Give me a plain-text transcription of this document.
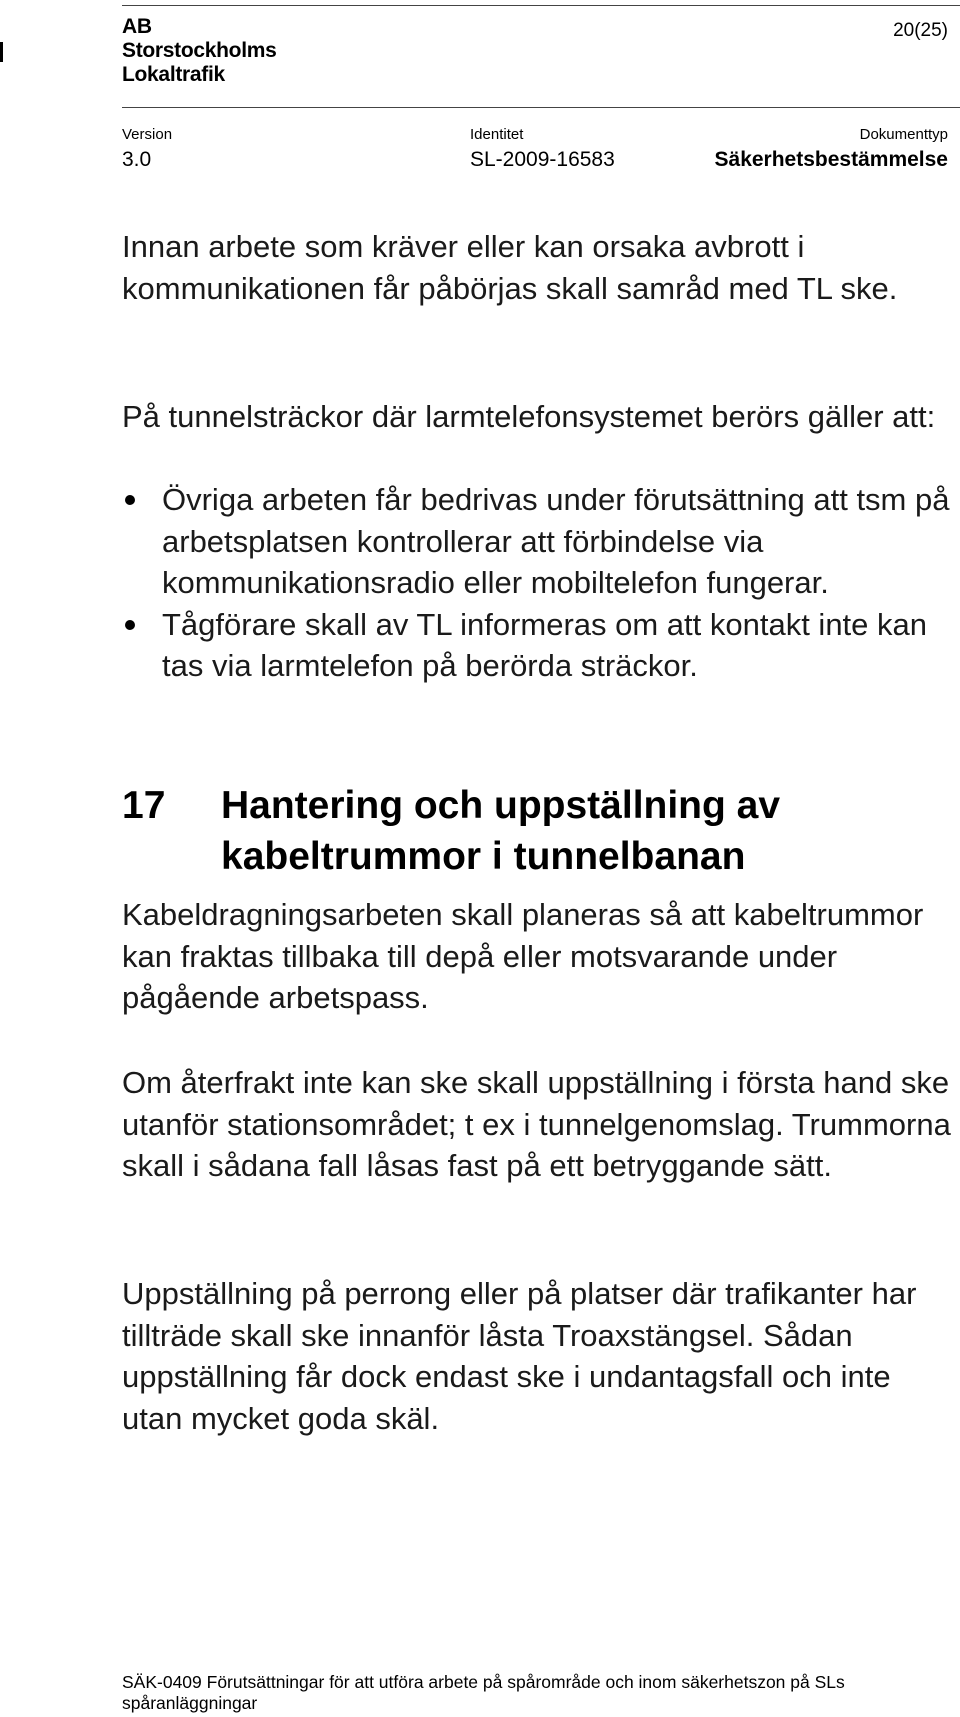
AB
Storstockholms
Lokaltrafik
20(25)
Version
3.0
Identitet
SL-2009-16583
Dokumenttyp
Säkerhetsbestämmelse

Innan arbete som kräver eller kan orsaka avbrott i kommunikationen får påbörjas skall samråd med TL ske.

På tunnelsträckor där larmtelefonsystemet berörs gäller att:

Övriga arbeten får bedrivas under förutsättning att tsm på arbetsplatsen kontrollerar att förbindelse via kommunikationsradio eller mobiltelefon fungerar.
Tågförare skall av TL informeras om att kontakt inte kan tas via larmtelefon på berörda sträckor.
17 Hantering och uppställning av kabeltrummor i tunnelbanan

Kabeldragningsarbeten skall planeras så att kabeltrummor kan fraktas tillbaka till depå eller motsvarande under pågående arbetspass.

Om återfrakt inte kan ske skall uppställning i första hand ske utanför stationsområdet; t ex i tunnelgenomslag. Trummorna skall i sådana fall låsas fast på ett betryggande sätt.

Uppställning på perrong eller på platser där trafikanter har tillträde skall ske innanför låsta Troaxstängsel. Sådan uppställning får dock endast ske i undantagsfall och inte utan mycket goda skäl.

SÄK-0409 Förutsättningar för att utföra arbete på spårområde och inom säkerhetszon på SLs spåranläggningar
